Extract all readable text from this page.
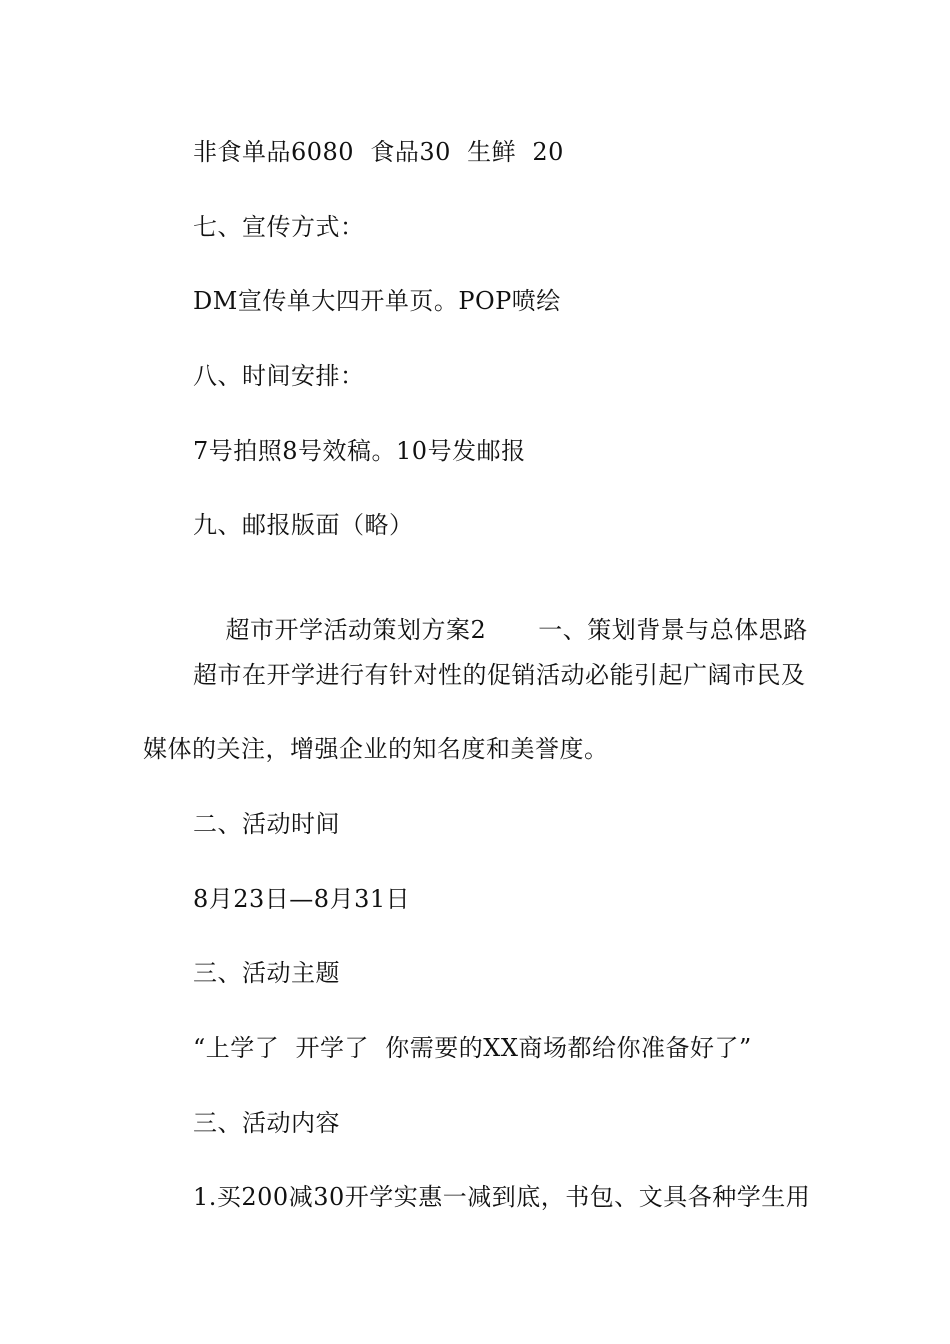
非食单品6080  食品30  生鲜  20
七、宣传方式：
DM宣传单大四开单页。POP喷绘
八、时间安排：
7号拍照8号效稿。10号发邮报
九、邮报版面（略）

超市开学活动策划方案2 一、策划背景与总体思路

超市在开学进行有针对性的促销活动必能引起广阔市民及
媒体的关注，增强企业的知名度和美誉度。
二、活动时间
8月23日—8月31日
三、活动主题
“上学了  开学了  你需要的XX商场都给你准备好了”
三、活动内容
1.买200减30开学实惠一减到底，书包、文具各种学生用
